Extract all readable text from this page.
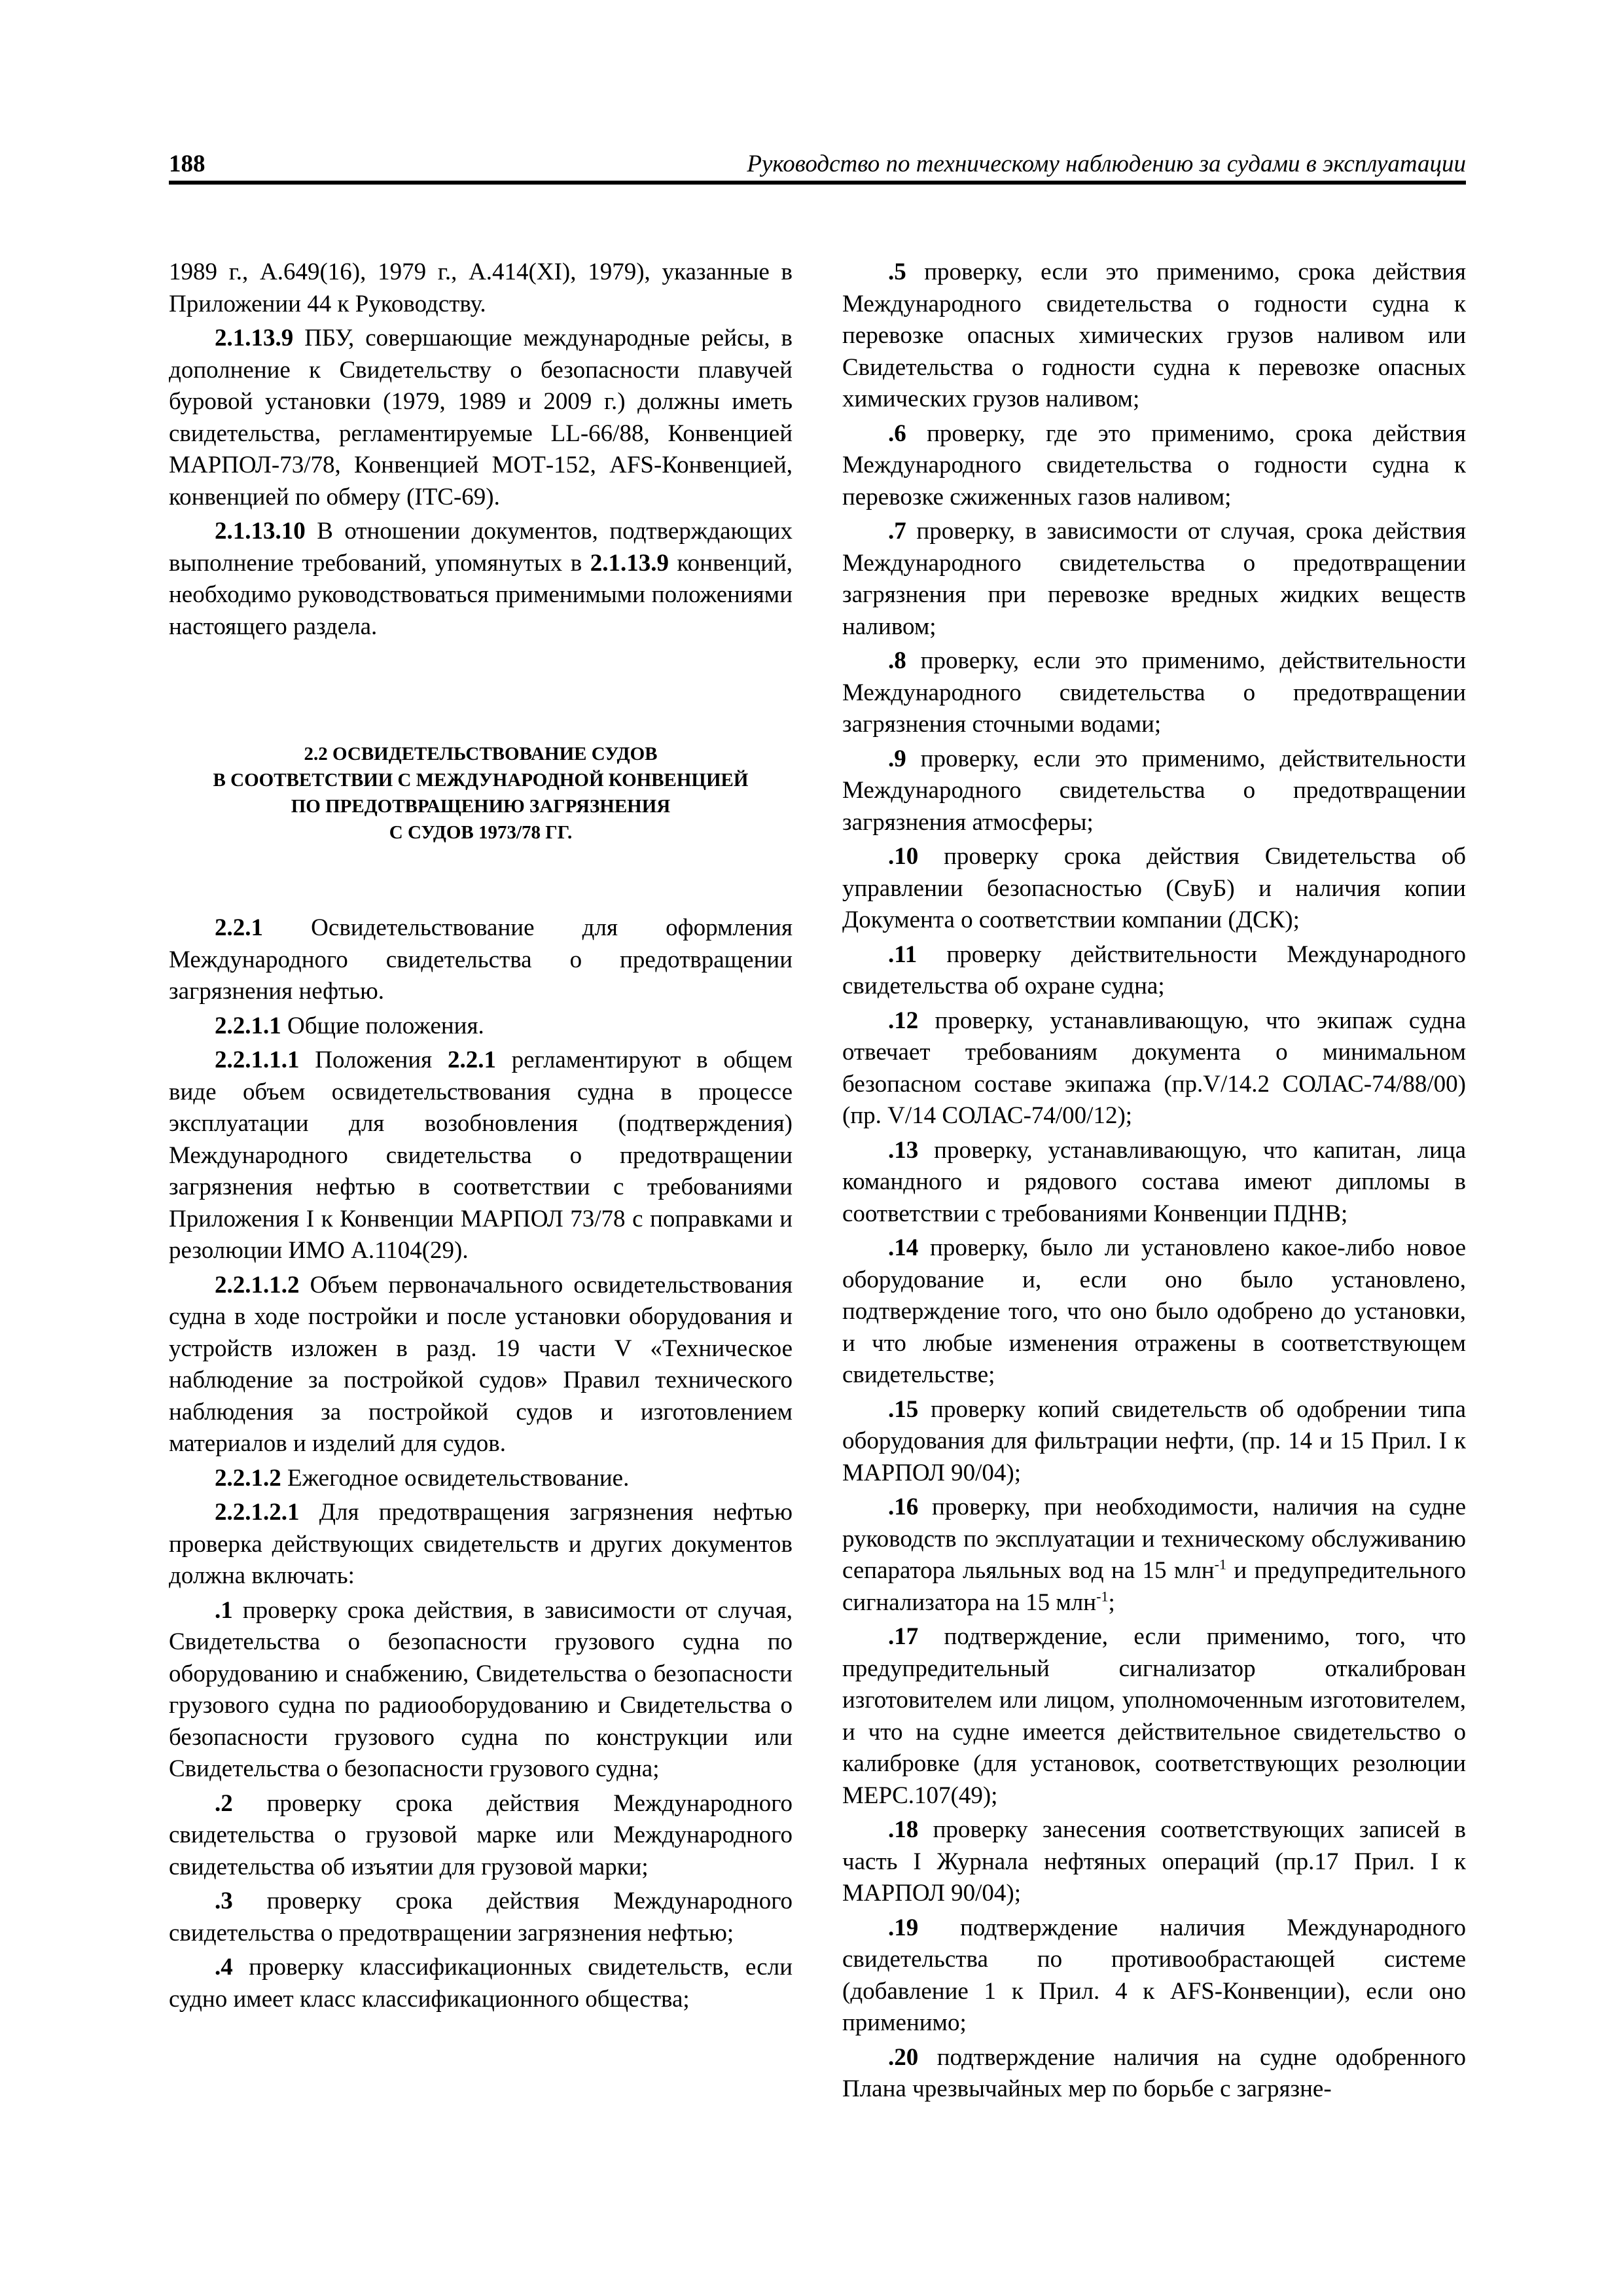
188	Руководство по техническому наблюдению за судами в эксплуатации

1989 г., А.649(16), 1979 г., А.414(XI), 1979), указанные в Приложении 44 к Руководству.

2.1.13.9 ПБУ, совершающие международные рейсы, в дополнение к Свидетельству о безопасности плавучей буровой установки (1979, 1989 и 2009 г.) должны иметь свидетельства, регламентируемые LL-66/88, Конвенцией МАРПОЛ-73/78, Конвенцией МОТ-152, AFS-Конвенцией, конвенцией по обмеру (ITC-69).

2.1.13.10 В отношении документов, подтверждающих выполнение требований, упомянутых в 2.1.13.9 конвенций, необходимо руководствоваться применимыми положениями настоящего раздела.

2.2 ОСВИДЕТЕЛЬСТВОВАНИЕ СУДОВ
В СООТВЕТСТВИИ С МЕЖДУНАРОДНОЙ КОНВЕНЦИЕЙ
ПО ПРЕДОТВРАЩЕНИЮ ЗАГРЯЗНЕНИЯ
С СУДОВ 1973/78 ГГ.

2.2.1 Освидетельствование для оформления Международного свидетельства о предотвращении загрязнения нефтью.

2.2.1.1 Общие положения.

2.2.1.1.1 Положения 2.2.1 регламентируют в общем виде объем освидетельствования судна в процессе эксплуатации для возобновления (подтверждения) Международного свидетельства о предотвращении загрязнения нефтью в соответствии с требованиями Приложения I к Конвенции МАРПОЛ 73/78 с поправками и резолюции ИМО А.1104(29).

2.2.1.1.2 Объем первоначального освидетельствования судна в ходе постройки и после установки оборудования и устройств изложен в разд. 19 части V «Техническое наблюдение за постройкой судов» Правил технического наблюдения за постройкой судов и изготовлением материалов и изделий для судов.

2.2.1.2 Ежегодное освидетельствование.

2.2.1.2.1 Для предотвращения загрязнения нефтью проверка действующих свидетельств и других документов должна включать:

.1 проверку срока действия, в зависимости от случая, Свидетельства о безопасности грузового судна по оборудованию и снабжению, Свидетельства о безопасности грузового судна по радиооборудованию и Свидетельства о безопасности грузового судна по конструкции или Свидетельства о безопасности грузового судна;

.2 проверку срока действия Международного свидетельства о грузовой марке или Международного свидетельства об изъятии для грузовой марки;

.3 проверку срока действия Международного свидетельства о предотвращении загрязнения нефтью;

.4 проверку классификационных свидетельств, если судно имеет класс классификационного общества;

.5 проверку, если это применимо, срока действия Международного свидетельства о годности судна к перевозке опасных химических грузов наливом или Свидетельства о годности судна к перевозке опасных химических грузов наливом;

.6 проверку, где это применимо, срока действия Международного свидетельства о годности судна к перевозке сжиженных газов наливом;

.7 проверку, в зависимости от случая, срока действия Международного свидетельства о предотвращении загрязнения при перевозке вредных жидких веществ наливом;

.8 проверку, если это применимо, действительности Международного свидетельства о предотвращении загрязнения сточными водами;

.9 проверку, если это применимо, действительности Международного свидетельства о предотвращении загрязнения атмосферы;

.10 проверку срока действия Свидетельства об управлении безопасностью (СвуБ) и наличия копии Документа о соответствии компании (ДСК);

.11 проверку действительности Международного свидетельства об охране судна;

.12 проверку, устанавливающую, что экипаж судна отвечает требованиям документа о минимальном безопасном составе экипажа (пр.V/14.2 СОЛАС-74/88/00) (пр. V/14 СОЛАС-74/00/12);

.13 проверку, устанавливающую, что капитан, лица командного и рядового состава имеют дипломы в соответствии с требованиями Конвенции ПДНВ;

.14 проверку, было ли установлено какое-либо новое оборудование и, если оно было установлено, подтверждение того, что оно было одобрено до установки, и что любые изменения отражены в соответствующем свидетельстве;

.15 проверку копий свидетельств об одобрении типа оборудования для фильтрации нефти, (пр. 14 и 15 Прил. I к МАРПОЛ 90/04);

.16 проверку, при необходимости, наличия на судне руководств по эксплуатации и техническому обслуживанию сепаратора льяльных вод на 15 млн$^{-1}$ и предупредительного сигнализатора на 15 млн$^{-1}$;

.17 подтверждение, если применимо, того, что предупредительный сигнализатор откалиброван изготовителем или лицом, уполномоченным изготовителем, и что на судне имеется действительное свидетельство о калибровке (для установок, соответствующих резолюции MEPC.107(49);

.18 проверку занесения соответствующих записей в часть I Журнала нефтяных операций (пр.17 Прил. I к МАРПОЛ 90/04);

.19 подтверждение наличия Международного свидетельства по противообрастающей системе (добавление 1 к Прил. 4 к AFS-Конвенции), если оно применимо;

.20 подтверждение наличия на судне одобренного Плана чрезвычайных мер по борьбе с загрязне-
